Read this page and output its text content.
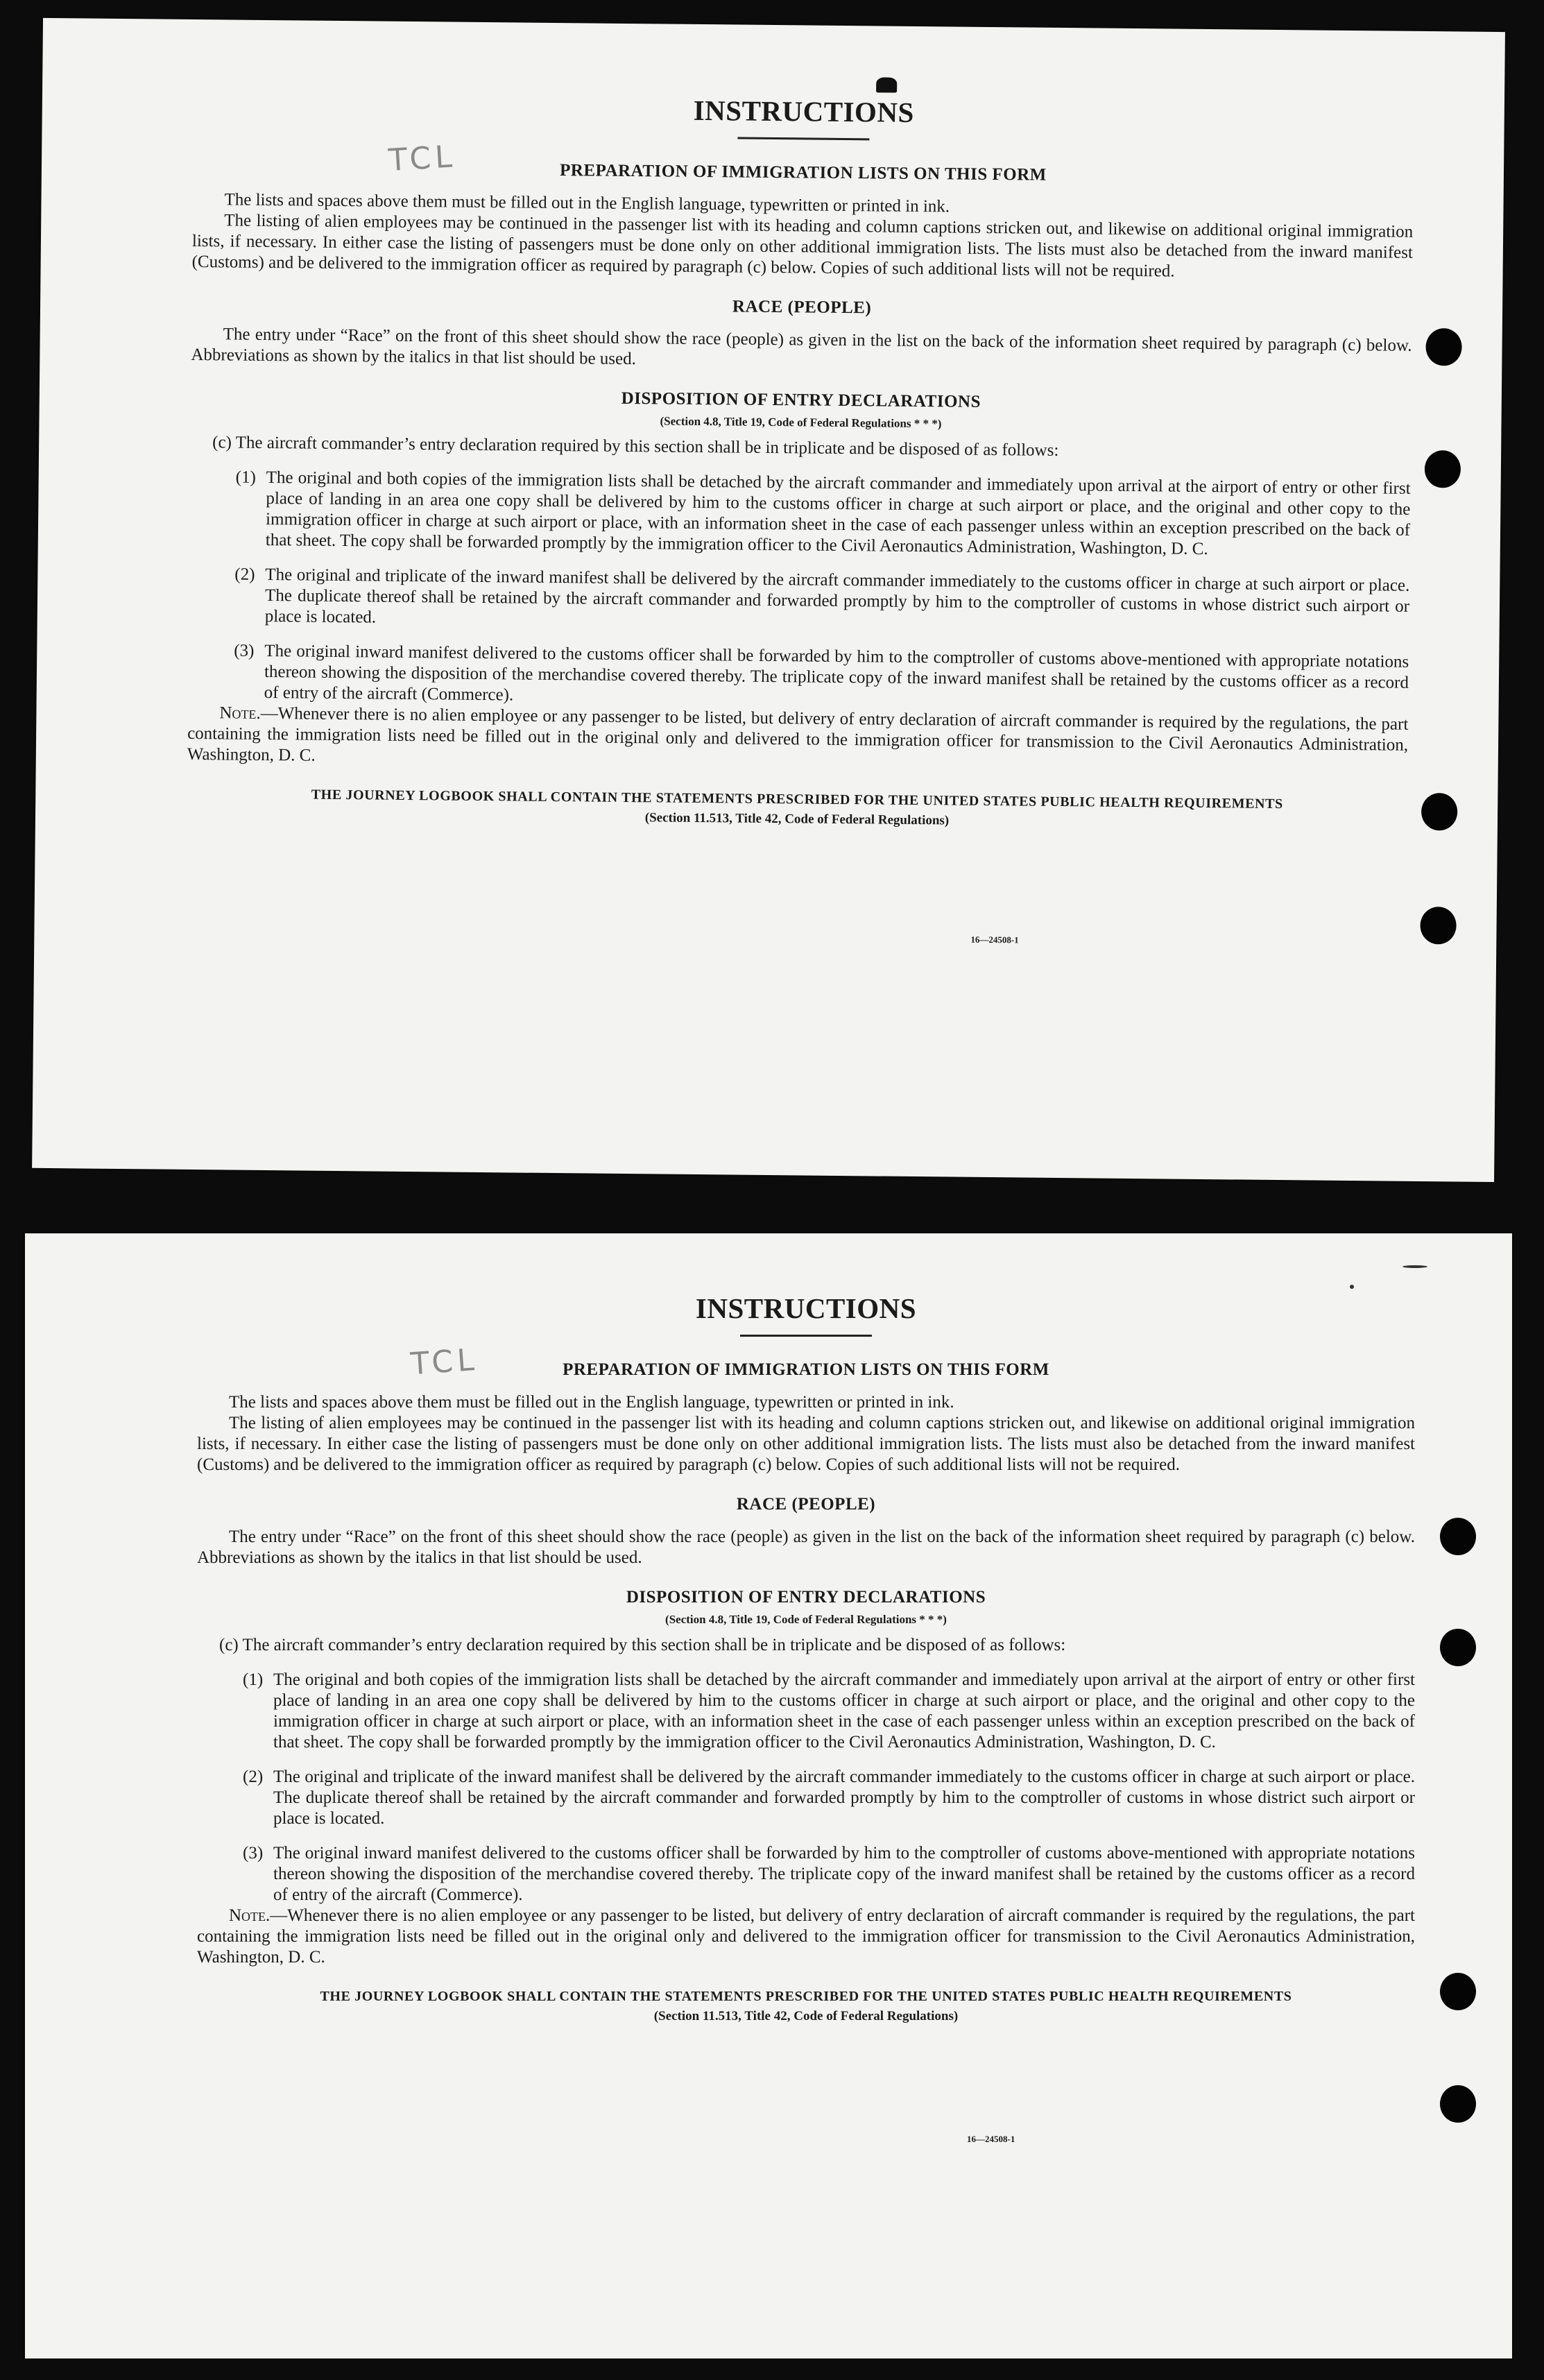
TCL
INSTRUCTIONS
PREPARATION OF IMMIGRATION LISTS ON THIS FORM

The lists and spaces above them must be filled out in the English language, typewritten or printed in ink.

The listing of alien employees may be continued in the passenger list with its heading and column captions stricken out, and likewise on additional original immigration lists, if necessary. In either case the listing of passengers must be done only on other additional immigration lists. The lists must also be detached from the inward manifest (Customs) and be delivered to the immigration officer as required by paragraph (c) below. Copies of such additional lists will not be required.

RACE (PEOPLE)

The entry under “Race” on the front of this sheet should show the race (people) as given in the list on the back of the information sheet required by paragraph (c) below. Abbreviations as shown by the italics in that list should be used.

DISPOSITION OF ENTRY DECLARATIONS
(Section 4.8, Title 19, Code of Federal Regulations * * *)

(c) The aircraft commander’s entry declaration required by this section shall be in triplicate and be disposed of as follows:

(1) The original and both copies of the immigration lists shall be detached by the aircraft commander and immediately upon arrival at the airport of entry or other first place of landing in an area one copy shall be delivered by him to the customs officer in charge at such airport or place, and the original and other copy to the immigration officer in charge at such airport or place, with an information sheet in the case of each passenger unless within an exception prescribed on the back of that sheet. The copy shall be forwarded promptly by the immigration officer to the Civil Aeronautics Administration, Washington, D. C.
(2) The original and triplicate of the inward manifest shall be delivered by the aircraft commander immediately to the customs officer in charge at such airport or place. The duplicate thereof shall be retained by the aircraft commander and forwarded promptly by him to the comptroller of customs in whose district such airport or place is located.
(3) The original inward manifest delivered to the customs officer shall be forwarded by him to the comptroller of customs above-mentioned with appropriate notations thereon showing the disposition of the merchandise covered thereby. The triplicate copy of the inward manifest shall be retained by the customs officer as a record of entry of the aircraft (Commerce).

Note.—Whenever there is no alien employee or any passenger to be listed, but delivery of entry declaration of aircraft commander is required by the regulations, the part containing the immigration lists need be filled out in the original only and delivered to the immigration officer for transmission to the Civil Aeronautics Administration, Washington, D. C.

THE JOURNEY LOGBOOK SHALL CONTAIN THE STATEMENTS PRESCRIBED FOR THE UNITED STATES PUBLIC HEALTH REQUIREMENTS
(Section 11.513, Title 42, Code of Federal Regulations)
16—24508-1
TCL
INSTRUCTIONS
PREPARATION OF IMMIGRATION LISTS ON THIS FORM

The lists and spaces above them must be filled out in the English language, typewritten or printed in ink.

The listing of alien employees may be continued in the passenger list with its heading and column captions stricken out, and likewise on additional original immigration lists, if necessary. In either case the listing of passengers must be done only on other additional immigration lists. The lists must also be detached from the inward manifest (Customs) and be delivered to the immigration officer as required by paragraph (c) below. Copies of such additional lists will not be required.

RACE (PEOPLE)

The entry under “Race” on the front of this sheet should show the race (people) as given in the list on the back of the information sheet required by paragraph (c) below. Abbreviations as shown by the italics in that list should be used.

DISPOSITION OF ENTRY DECLARATIONS
(Section 4.8, Title 19, Code of Federal Regulations * * *)

(c) The aircraft commander’s entry declaration required by this section shall be in triplicate and be disposed of as follows:

(1) The original and both copies of the immigration lists shall be detached by the aircraft commander and immediately upon arrival at the airport of entry or other first place of landing in an area one copy shall be delivered by him to the customs officer in charge at such airport or place, and the original and other copy to the immigration officer in charge at such airport or place, with an information sheet in the case of each passenger unless within an exception prescribed on the back of that sheet. The copy shall be forwarded promptly by the immigration officer to the Civil Aeronautics Administration, Washington, D. C.
(2) The original and triplicate of the inward manifest shall be delivered by the aircraft commander immediately to the customs officer in charge at such airport or place. The duplicate thereof shall be retained by the aircraft commander and forwarded promptly by him to the comptroller of customs in whose district such airport or place is located.
(3) The original inward manifest delivered to the customs officer shall be forwarded by him to the comptroller of customs above-mentioned with appropriate notations thereon showing the disposition of the merchandise covered thereby. The triplicate copy of the inward manifest shall be retained by the customs officer as a record of entry of the aircraft (Commerce).

Note.—Whenever there is no alien employee or any passenger to be listed, but delivery of entry declaration of aircraft commander is required by the regulations, the part containing the immigration lists need be filled out in the original only and delivered to the immigration officer for transmission to the Civil Aeronautics Administration, Washington, D. C.

THE JOURNEY LOGBOOK SHALL CONTAIN THE STATEMENTS PRESCRIBED FOR THE UNITED STATES PUBLIC HEALTH REQUIREMENTS
(Section 11.513, Title 42, Code of Federal Regulations)
16—24508-1
